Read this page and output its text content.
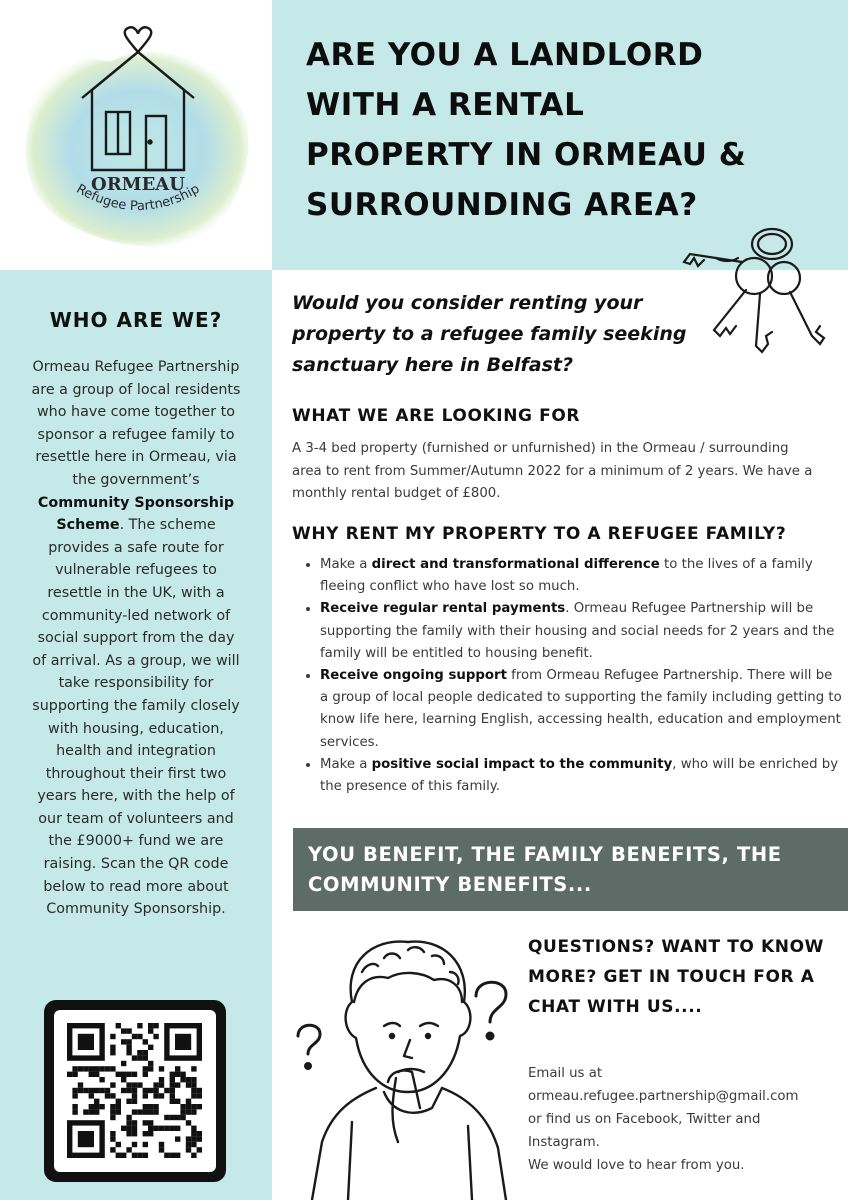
ARE YOU A LANDLORD
WITH A RENTAL
PROPERTY IN ORMEAU &
SURROUNDING AREA?
ORMEAU
Refugee Partnership
WHO ARE WE?

Ormeau Refugee Partnership are a group of local residents who have come together to sponsor a refugee family to resettle here in Ormeau, via the government’s Community Sponsorship Scheme. The scheme provides a safe route for vulnerable refugees to resettle in the UK, with a community-led network of social support from the day of arrival. As a group, we will take responsibility for supporting the family closely with housing, education, health and integration throughout their first two years here, with the help of our team of volunteers and the £9000+ fund we are raising. Scan the QR code below to read more about Community Sponsorship.

Would you consider renting your property to a refugee family seeking sanctuary here in Belfast?

WHAT WE ARE LOOKING FOR

A 3-4 bed property (furnished or unfurnished) in the Ormeau / surrounding area to rent from Summer/Autumn 2022 for a minimum of 2 years. We have a monthly rental budget of £800.

WHY RENT MY PROPERTY TO A REFUGEE FAMILY?
• Make a direct and transformational difference to the lives of a family fleeing conflict who have lost so much.
• Receive regular rental payments. Ormeau Refugee Partnership will be supporting the family with their housing and social needs for 2 years and the family will be entitled to housing benefit.
• Receive ongoing support from Ormeau Refugee Partnership. There will be a group of local people dedicated to supporting the family including getting to know life here, learning English, accessing health, education and employment services.
• Make a positive social impact to the community, who will be enriched by the presence of this family.

YOU BENEFIT, THE FAMILY BENEFITS, THE
COMMUNITY BENEFITS...

QUESTIONS? WANT TO KNOW MORE? GET IN TOUCH FOR A CHAT WITH US....

Email us at
ormeau.refugee.partnership@gmail.com
or find us on Facebook, Twitter and Instagram.
We would love to hear from you.
